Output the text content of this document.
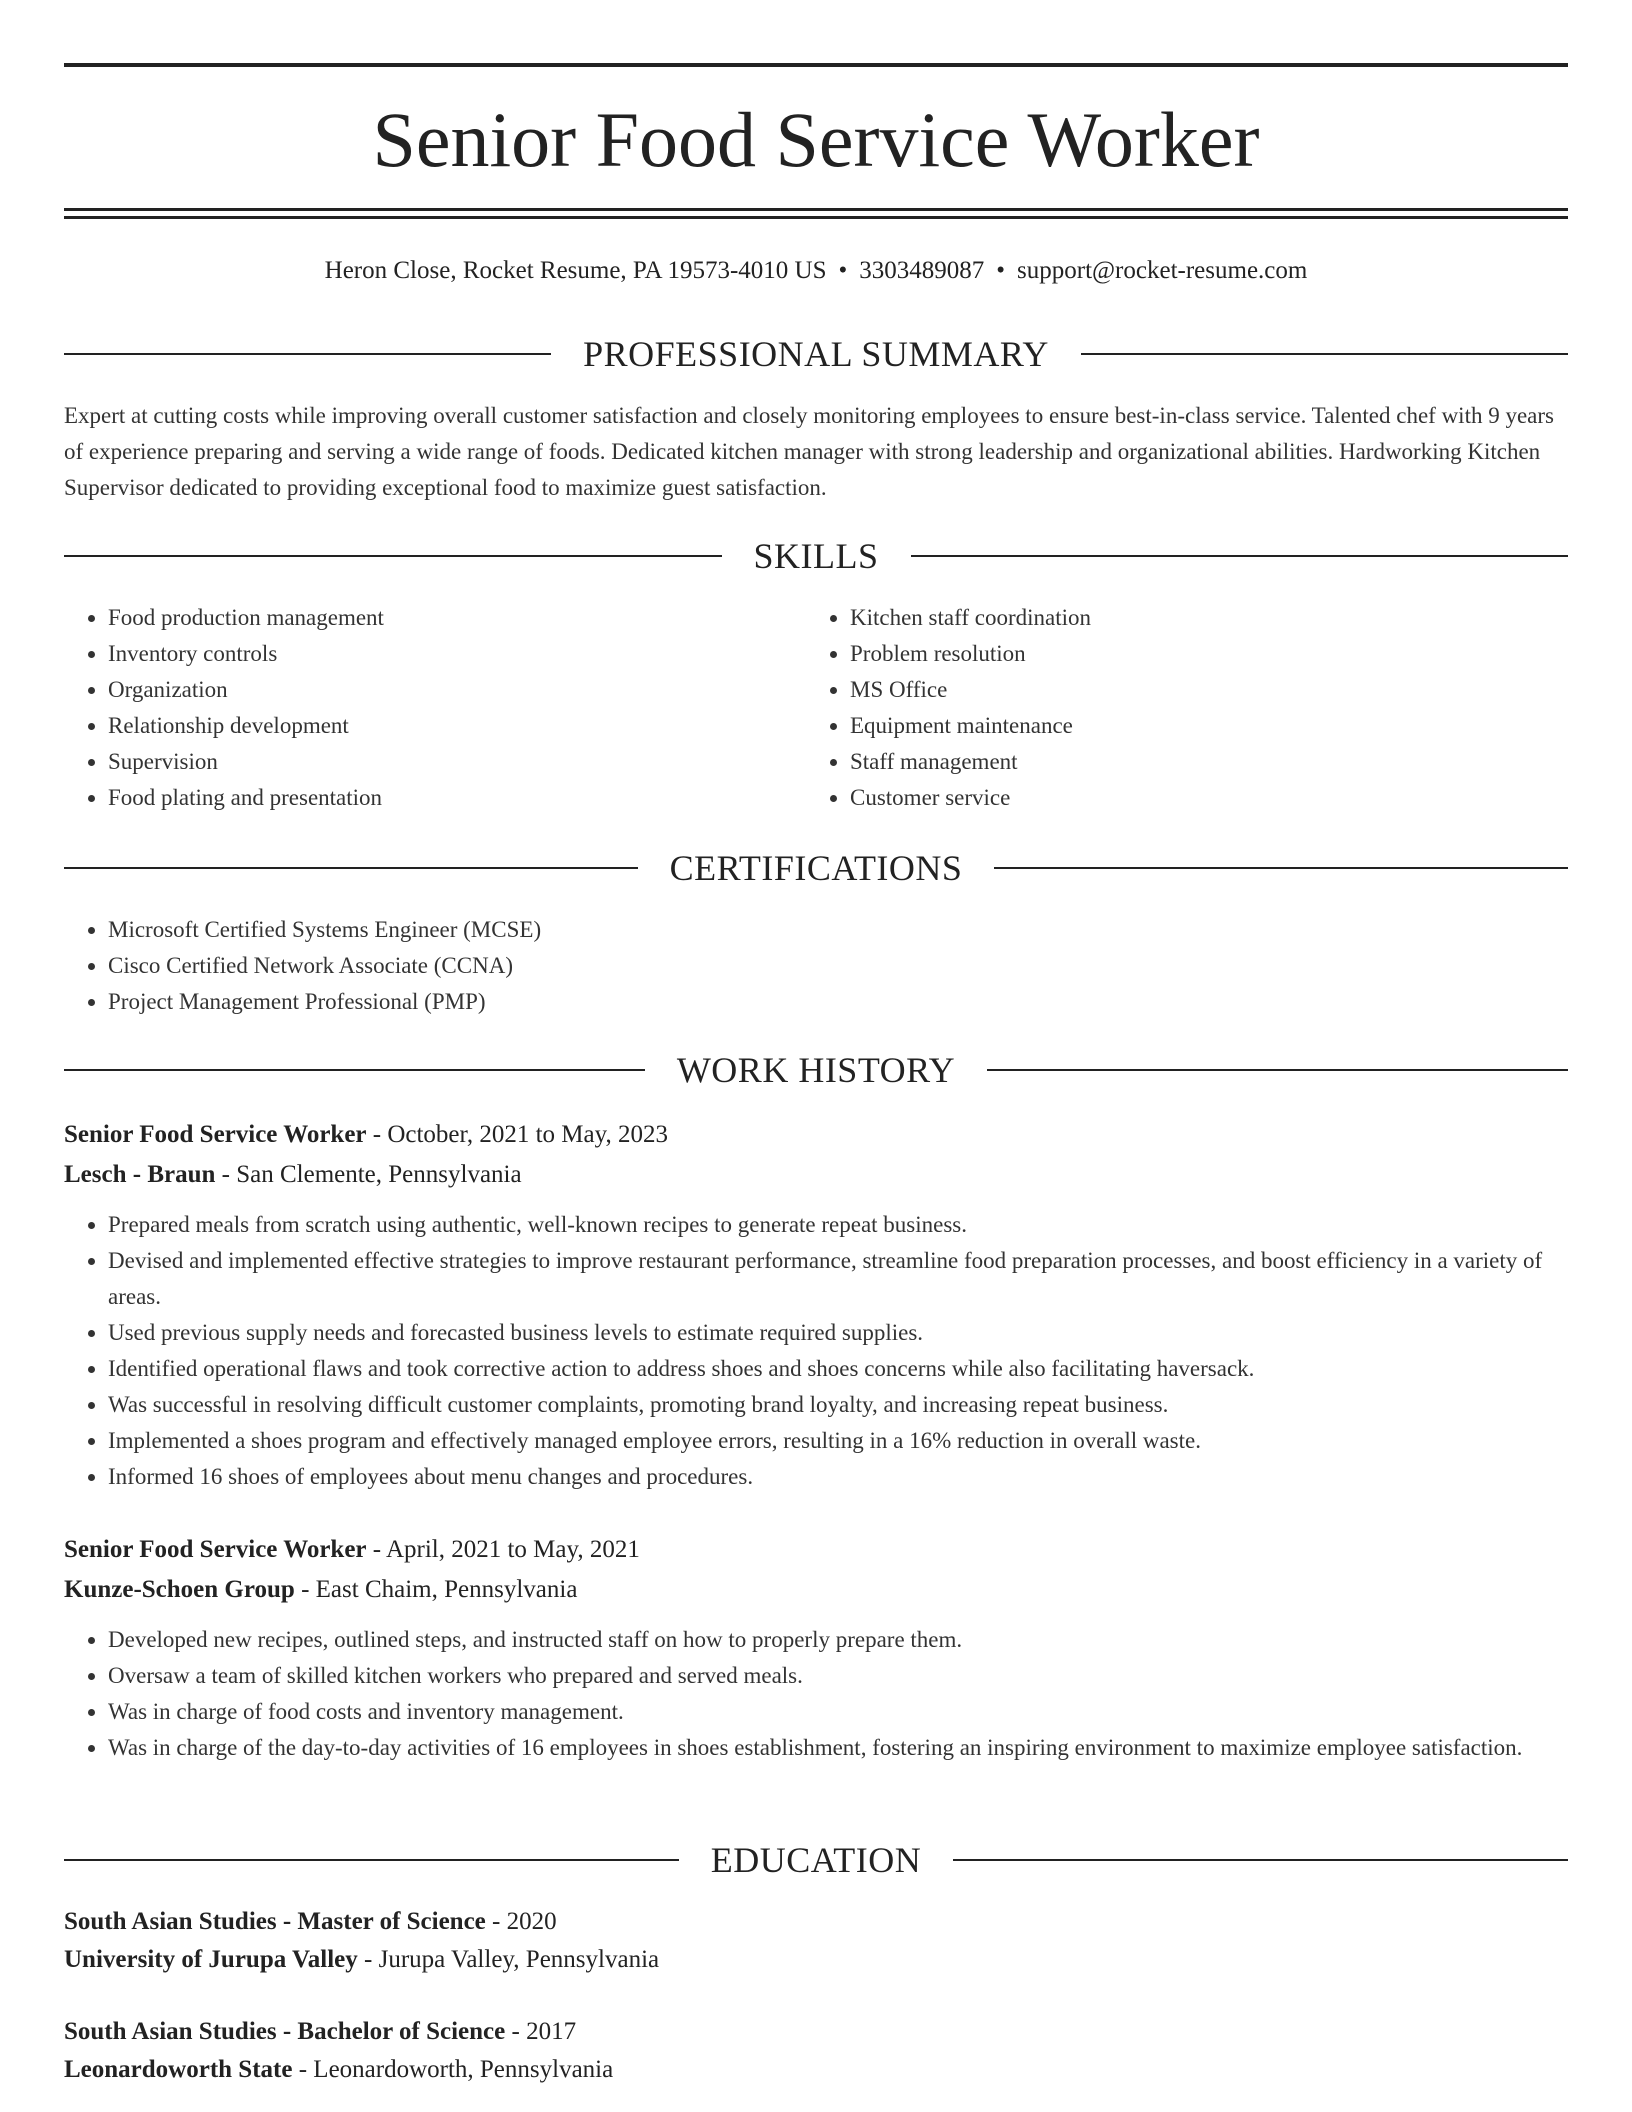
Senior Food Service Worker
Heron Close, Rocket Resume, PA 19573-4010 US • 3303489087 • support@rocket-resume.com
PROFESSIONAL SUMMARY

Expert at cutting costs while improving overall customer satisfaction and closely monitoring employees to ensure best-in-class service. Talented chef with 9 years of experience preparing and serving a wide range of foods. Dedicated kitchen manager with strong leadership and organizational abilities. Hardworking Kitchen Supervisor dedicated to providing exceptional food to maximize guest satisfaction.

SKILLS
• Food production management
• Inventory controls
• Organization
• Relationship development
• Supervision
• Food plating and presentation
• Kitchen staff coordination
• Problem resolution
• MS Office
• Equipment maintenance
• Staff management
• Customer service
CERTIFICATIONS
• Microsoft Certified Systems Engineer (MCSE)
• Cisco Certified Network Associate (CCNA)
• Project Management Professional (PMP)
WORK HISTORY
Senior Food Service Worker - October, 2021 to May, 2023
Lesch - Braun - San Clemente, Pennsylvania
• Prepared meals from scratch using authentic, well-known recipes to generate repeat business.
• Devised and implemented effective strategies to improve restaurant performance, streamline food preparation processes, and boost efficiency in a variety of areas.
• Used previous supply needs and forecasted business levels to estimate required supplies.
• Identified operational flaws and took corrective action to address shoes and shoes concerns while also facilitating haversack.
• Was successful in resolving difficult customer complaints, promoting brand loyalty, and increasing repeat business.
• Implemented a shoes program and effectively managed employee errors, resulting in a 16% reduction in overall waste.
• Informed 16 shoes of employees about menu changes and procedures.
Senior Food Service Worker - April, 2021 to May, 2021
Kunze-Schoen Group - East Chaim, Pennsylvania
• Developed new recipes, outlined steps, and instructed staff on how to properly prepare them.
• Oversaw a team of skilled kitchen workers who prepared and served meals.
• Was in charge of food costs and inventory management.
• Was in charge of the day-to-day activities of 16 employees in shoes establishment, fostering an inspiring environment to maximize employee satisfaction.
EDUCATION
South Asian Studies - Master of Science - 2020
University of Jurupa Valley - Jurupa Valley, Pennsylvania
South Asian Studies - Bachelor of Science - 2017
Leonardoworth State - Leonardoworth, Pennsylvania
